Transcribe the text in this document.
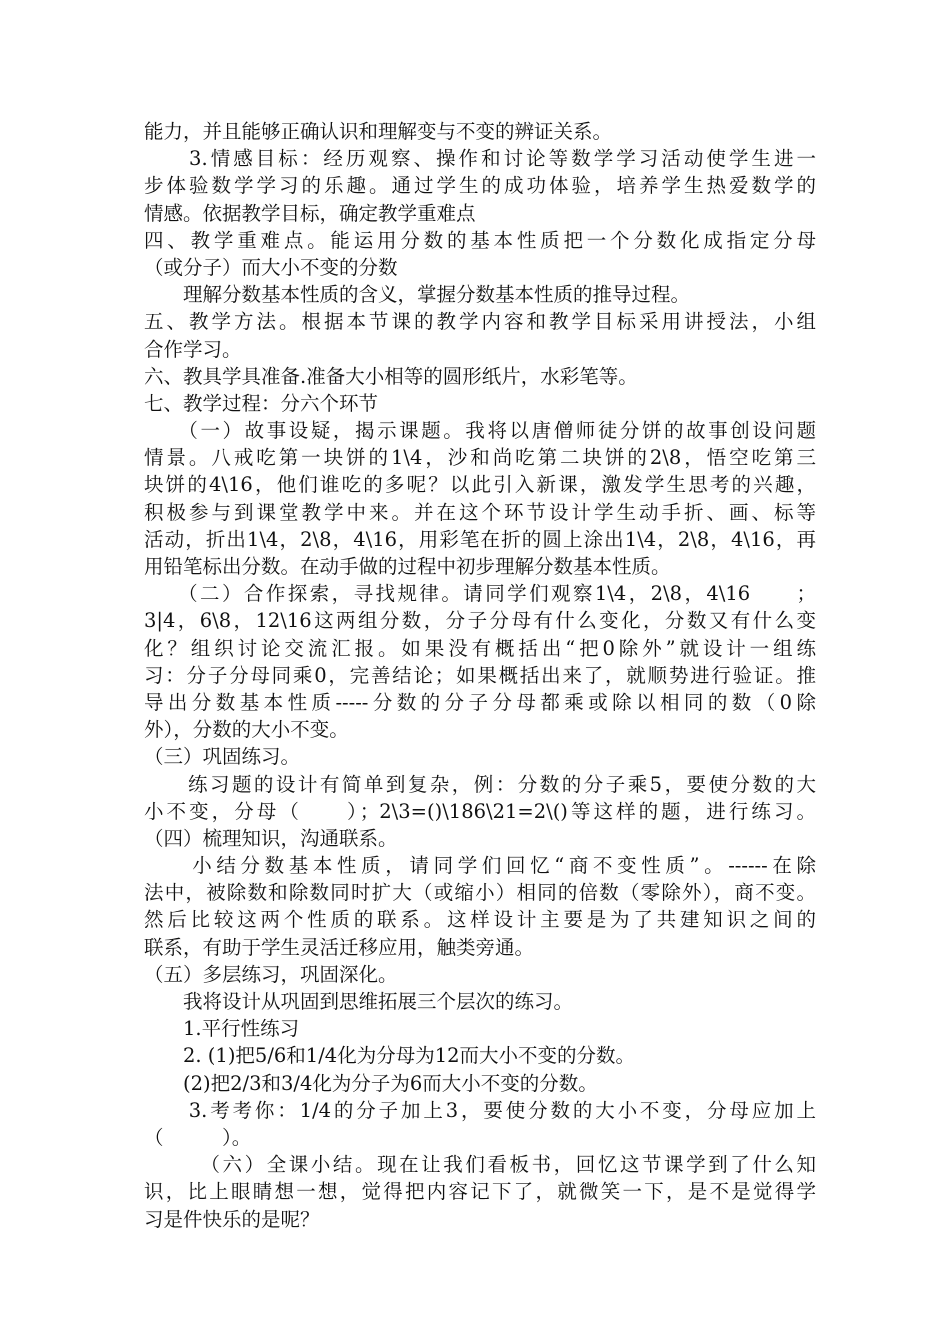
能力，并且能够正确认识和理解变与不变的辨证关系。
　　3.情感目标：经历观察、操作和讨论等数学学习活动使学生进一
步体验数学学习的乐趣。通过学生的成功体验，培养学生热爱数学的
情感。依据教学目标，确定教学重难点
四、教学重难点。能运用分数的基本性质把一个分数化成指定分母
（或分子）而大小不变的分数
　　理解分数基本性质的含义，掌握分数基本性质的推导过程。
五、教学方法。根据本节课的教学内容和教学目标采用讲授法，小组
合作学习。
六、教具学具准备.准备大小相等的圆形纸片，水彩笔等。
七、教学过程：分六个环节
　　（一）故事设疑，揭示课题。我将以唐僧师徒分饼的故事创设问题
情景。八戒吃第一块饼的1\4，沙和尚吃第二块饼的2\8，悟空吃第三
块饼的4\16，他们谁吃的多呢？以此引入新课，激发学生思考的兴趣，
积极参与到课堂教学中来。并在这个环节设计学生动手折、画、标等
活动，折出1\4，2\8，4\16，用彩笔在折的圆上涂出1\4，2\8，4\16，再
用铅笔标出分数。在动手做的过程中初步理解分数基本性质。
　　（二）合作探索，寻找规律。请同学们观察1\4，2\8，4\16　　；
3|4，6\8，12\16这两组分数，分子分母有什么变化，分数又有什么变
化？组织讨论交流汇报。如果没有概括出“把0除外”就设计一组练
习：分子分母同乘0，完善结论；如果概括出来了，就顺势进行验证。推
导出分数基本性质-----分数的分子分母都乘或除以相同的数（0除
外），分数的大小不变。
（三）巩固练习。
　　练习题的设计有简单到复杂，例：分数的分子乘5，要使分数的大
小不变，分母（　　）；2\3=()\186\21=2\()等这样的题，进行练习。
（四）梳理知识，沟通联系。
　　小结分数基本性质，请同学们回忆“商不变性质”。------在除
法中，被除数和除数同时扩大（或缩小）相同的倍数（零除外），商不变。
然后比较这两个性质的联系。这样设计主要是为了共建知识之间的
联系，有助于学生灵活迁移应用，触类旁通。
（五）多层练习，巩固深化。
　　我将设计从巩固到思维拓展三个层次的练习。
　　1.平行性练习
　　2. (1)把5/6和1/4化为分母为12而大小不变的分数。
　　(2)把2/3和3/4化为分子为6而大小不变的分数。
　　3.考考你：1/4的分子加上3，要使分数的大小不变，分母应加上
（　　　）。
　　　（六）全课小结。现在让我们看板书，回忆这节课学到了什么知
识，比上眼睛想一想，觉得把内容记下了，就微笑一下，是不是觉得学
习是件快乐的是呢？
